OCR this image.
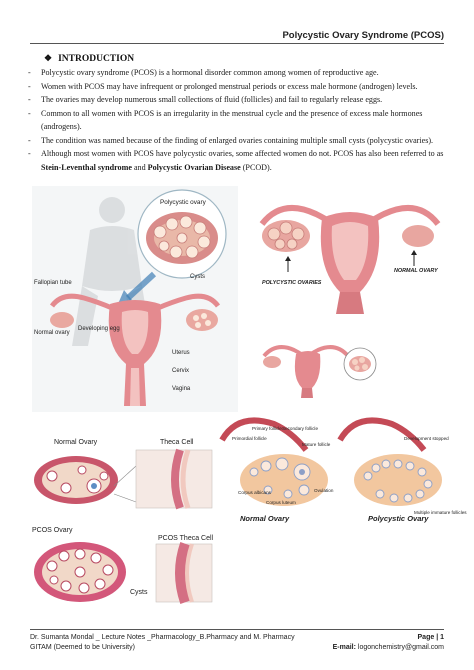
Polycystic Ovary Syndrome (PCOS)
❖ INTRODUCTION
- Polycystic ovary syndrome (PCOS) is a hormonal disorder common among women of reproductive age.
- Women with PCOS may have infrequent or prolonged menstrual periods or excess male hormone (androgen) levels.
- The ovaries may develop numerous small collections of fluid (follicles) and fail to regularly release eggs.
- Common to all women with PCOS is an irregularity in the menstrual cycle and the presence of excess male hormones (androgens).
- The condition was named because of the finding of enlarged ovaries containing multiple small cysts (polycystic ovaries).
- Although most women with PCOS have polycystic ovaries, some affected women do not. PCOS has also been referred to as Stein-Leventhal syndrome and Polycystic Ovarian Disease (PCOD).
Polycystic ovary
Cysts
Fallopian tube
Normal ovary
Developing egg
Uterus
Cervix
Vagina
POLYCYSTIC OVARIES
NORMAL OVARY
Normal Ovary	Theca Cell
PCOS Ovary
PCOS Theca Cell
Cysts
Primary follicle
Primordial follicle
Secondary follicle
Mature follicle
Corpus albicans
Corpus luteum
Ovulation
Normal Ovary
Development stopped
Multiple immature follicles
Polycystic Ovary
Dr. Sumanta Mondal _ Lecture Notes _Pharmacology_B.Pharmacy and M. Pharmacy
GITAM (Deemed to be University)
Page | 1
E-mail: logonchemistry@gmail.com
